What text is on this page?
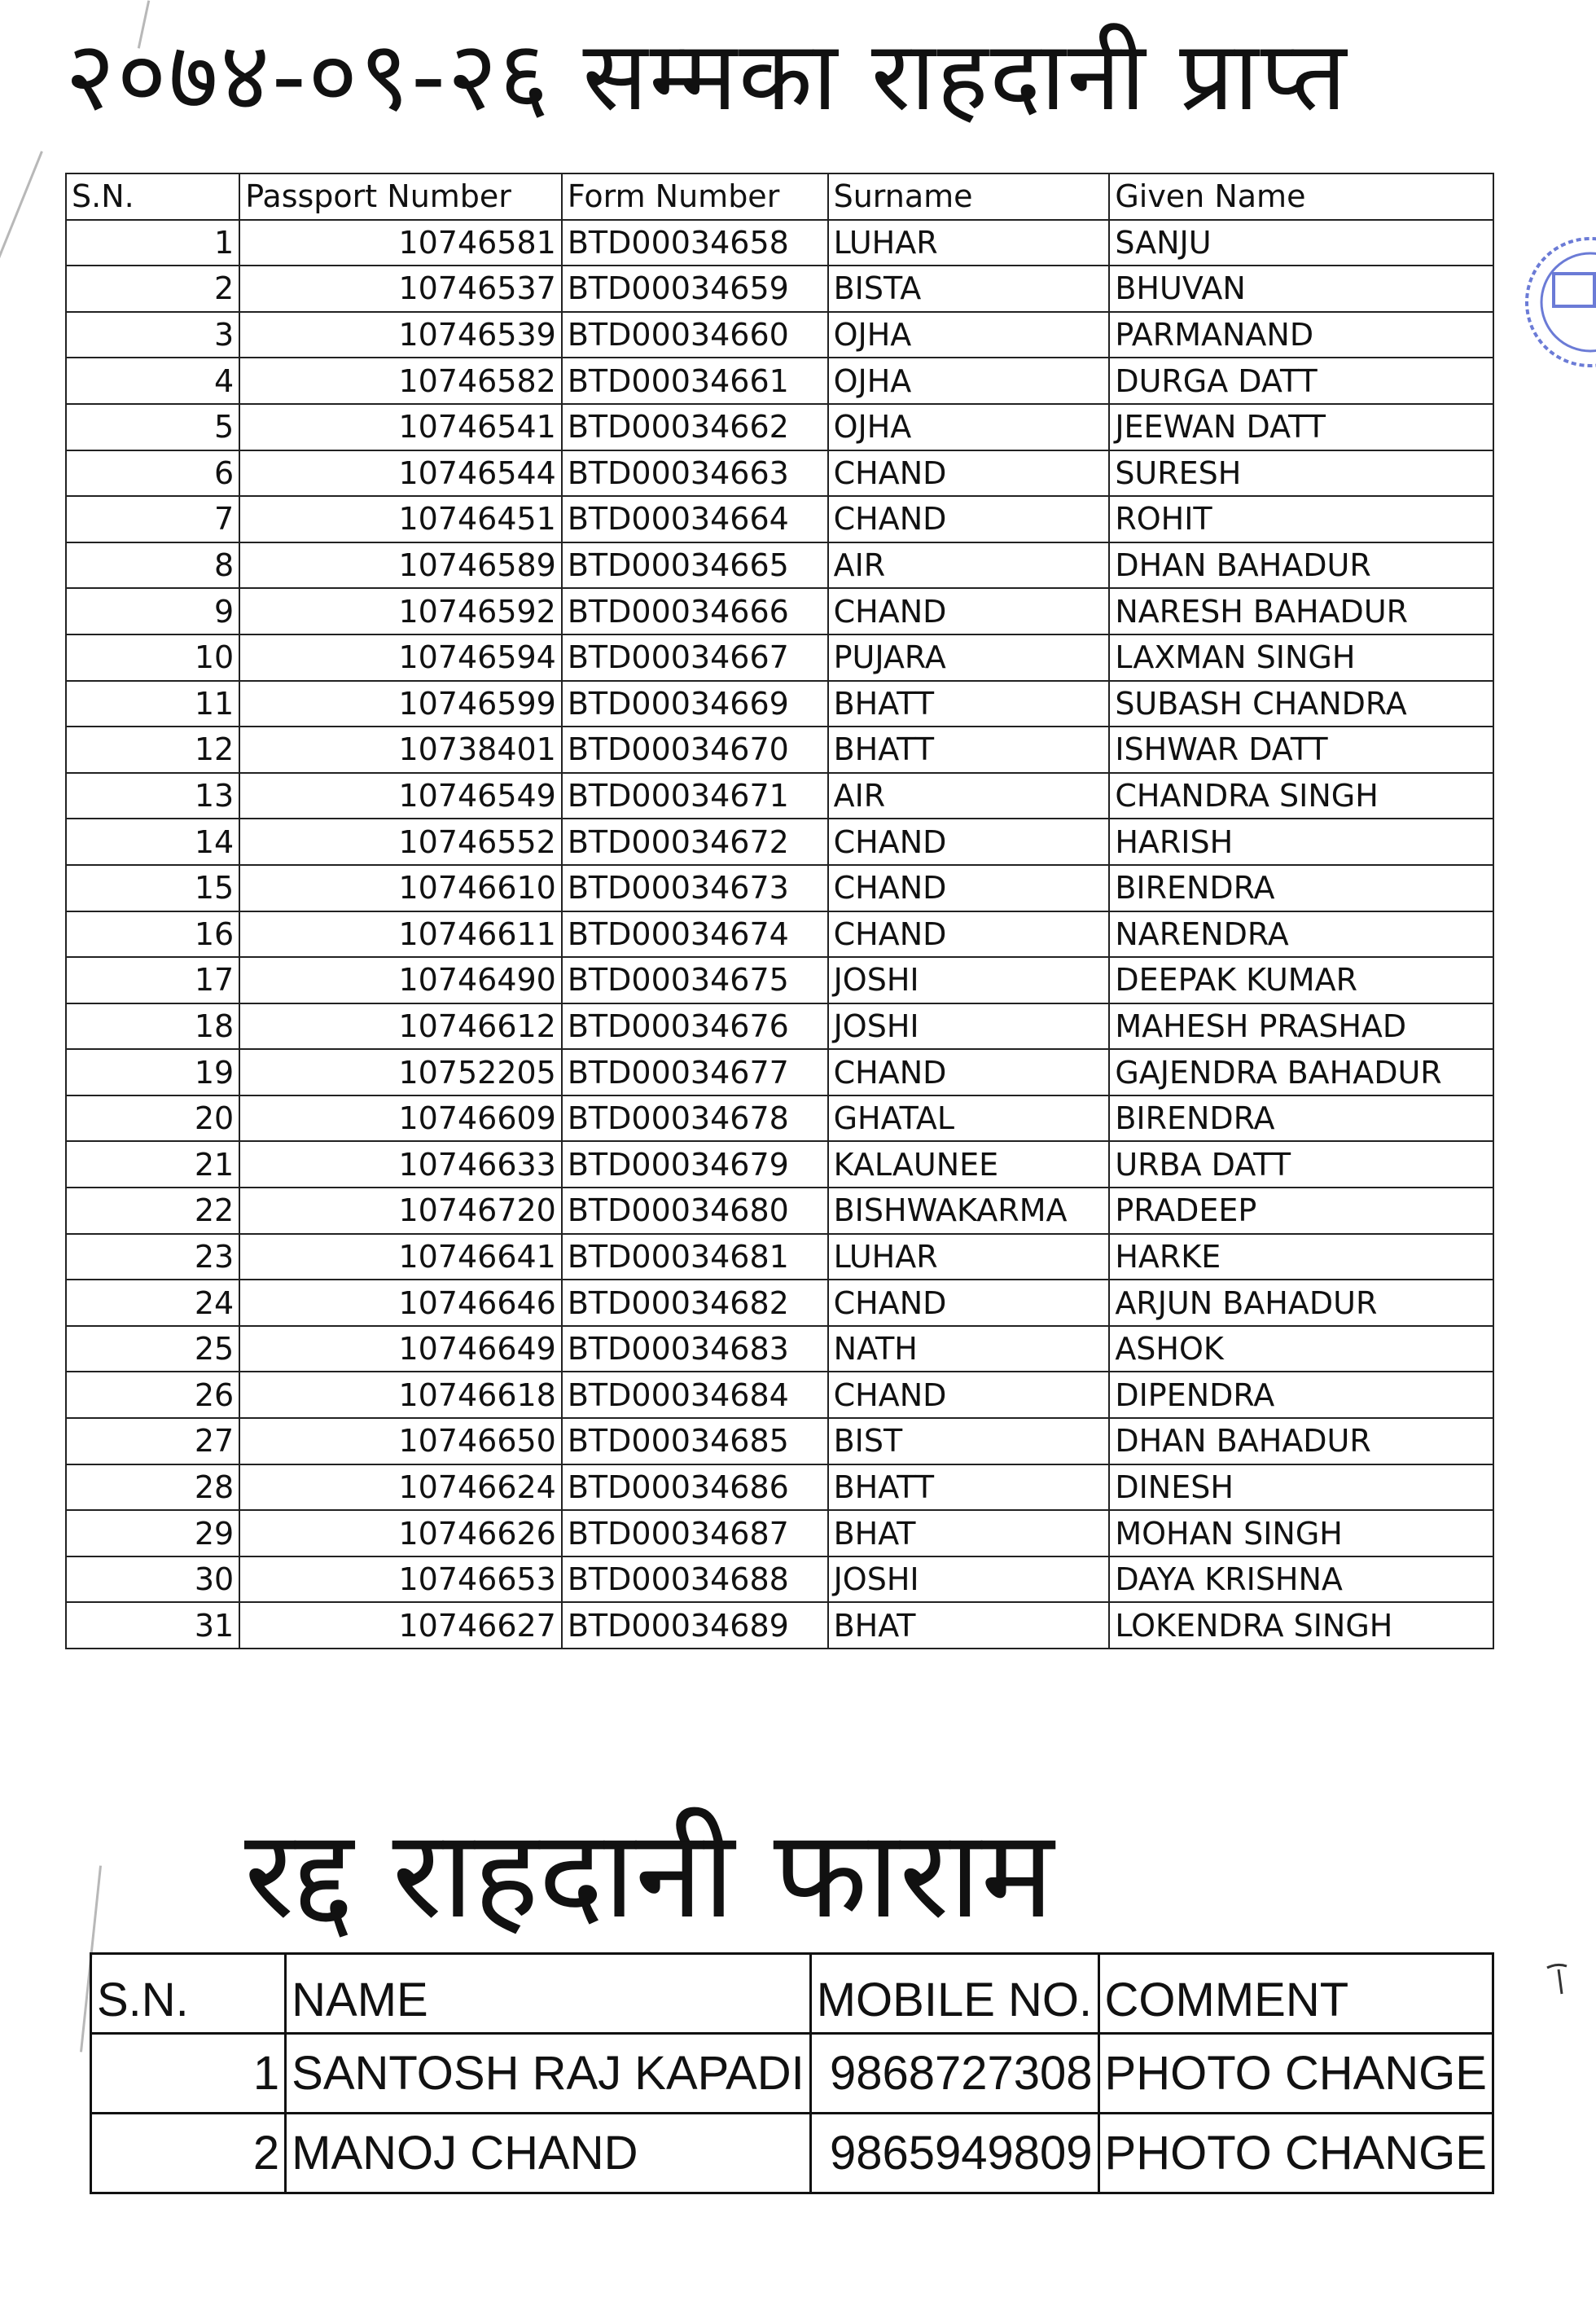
२०७४-०९-२६ सम्मका राहदानी प्राप्त
S.N.	Passport Number	Form Number	Surname	Given Name
1	10746581	BTD00034658	LUHAR	SANJU
2	10746537	BTD00034659	BISTA	BHUVAN
3	10746539	BTD00034660	OJHA	PARMANAND
4	10746582	BTD00034661	OJHA	DURGA DATT
5	10746541	BTD00034662	OJHA	JEEWAN DATT
6	10746544	BTD00034663	CHAND	SURESH
7	10746451	BTD00034664	CHAND	ROHIT
8	10746589	BTD00034665	AIR	DHAN BAHADUR
9	10746592	BTD00034666	CHAND	NARESH BAHADUR
10	10746594	BTD00034667	PUJARA	LAXMAN SINGH
11	10746599	BTD00034669	BHATT	SUBASH CHANDRA
12	10738401	BTD00034670	BHATT	ISHWAR DATT
13	10746549	BTD00034671	AIR	CHANDRA SINGH
14	10746552	BTD00034672	CHAND	HARISH
15	10746610	BTD00034673	CHAND	BIRENDRA
16	10746611	BTD00034674	CHAND	NARENDRA
17	10746490	BTD00034675	JOSHI	DEEPAK KUMAR
18	10746612	BTD00034676	JOSHI	MAHESH PRASHAD
19	10752205	BTD00034677	CHAND	GAJENDRA BAHADUR
20	10746609	BTD00034678	GHATAL	BIRENDRA
21	10746633	BTD00034679	KALAUNEE	URBA DATT
22	10746720	BTD00034680	BISHWAKARMA	PRADEEP
23	10746641	BTD00034681	LUHAR	HARKE
24	10746646	BTD00034682	CHAND	ARJUN BAHADUR
25	10746649	BTD00034683	NATH	ASHOK
26	10746618	BTD00034684	CHAND	DIPENDRA
27	10746650	BTD00034685	BIST	DHAN BAHADUR
28	10746624	BTD00034686	BHATT	DINESH
29	10746626	BTD00034687	BHAT	MOHAN SINGH
30	10746653	BTD00034688	JOSHI	DAYA KRISHNA
31	10746627	BTD00034689	BHAT	LOKENDRA SINGH
रद्द राहदानी फाराम
S.N.	NAME	MOBILE NO.	COMMENT
1	SANTOSH RAJ KAPADI	9868727308	PHOTO CHANGE
2	MANOJ CHAND	9865949809	PHOTO CHANGE
